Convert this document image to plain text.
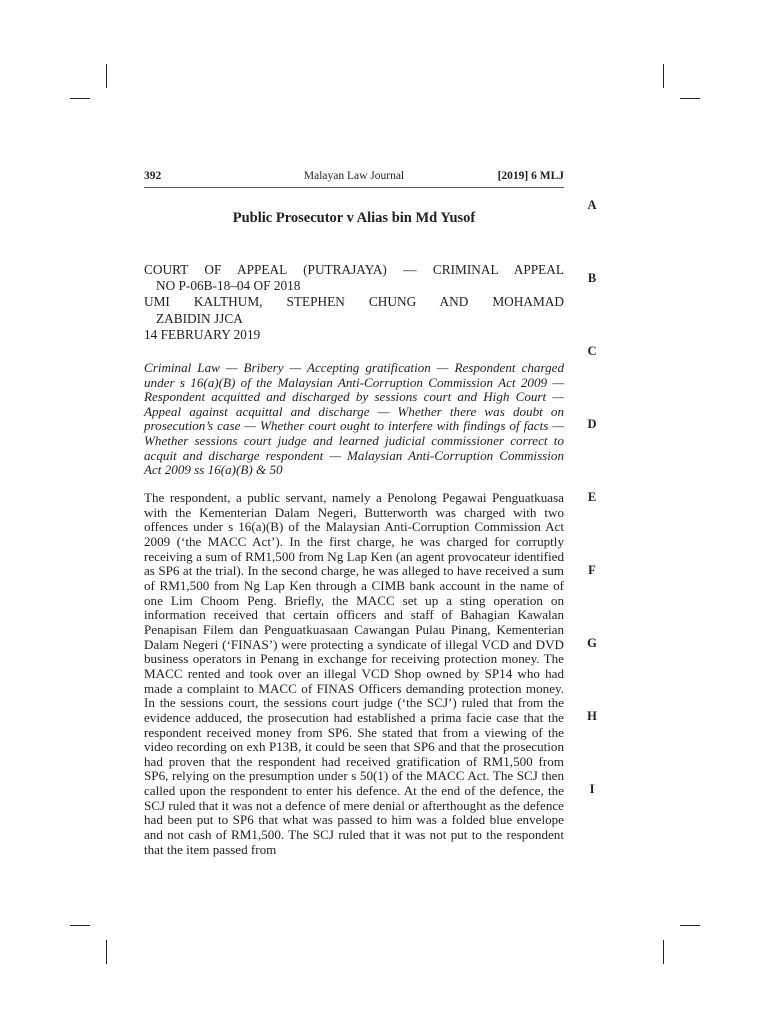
392	Malayan Law Journal	[2019] 6 MLJ
Public Prosecutor v Alias bin Md Yusof

COURT OF APPEAL (PUTRAJAYA) — CRIMINAL APPEAL

NO P-06B-18–04 OF 2018

UMI KALTHUM, STEPHEN CHUNG AND MOHAMAD

ZABIDIN JJCA

14 FEBRUARY 2019

Criminal Law — Bribery — Accepting gratification — Respondent charged under s 16(a)(B) of the Malaysian Anti-Corruption Commission Act 2009 — Respondent acquitted and discharged by sessions court and High Court — Appeal against acquittal and discharge — Whether there was doubt on prosecution’s case — Whether court ought to interfere with findings of facts — Whether sessions court judge and learned judicial commissioner correct to acquit and discharge respondent — Malaysian Anti-Corruption Commission Act 2009 ss 16(a)(B) & 50

The respondent, a public servant, namely a Penolong Pegawai Penguatkuasa with the Kementerian Dalam Negeri, Butterworth was charged with two offences under s 16(a)(B) of the Malaysian Anti-Corruption Commission Act 2009 (‘the MACC Act’). In the first charge, he was charged for corruptly receiving a sum of RM1,500 from Ng Lap Ken (an agent provocateur identified as SP6 at the trial). In the second charge, he was alleged to have received a sum of RM1,500 from Ng Lap Ken through a CIMB bank account in the name of one Lim Choom Peng. Briefly, the MACC set up a sting operation on information received that certain officers and staff of Bahagian Kawalan Penapisan Filem dan Penguatkuasaan Cawangan Pulau Pinang, Kementerian Dalam Negeri (‘FINAS’) were protecting a syndicate of illegal VCD and DVD business operators in Penang in exchange for receiving protection money. The MACC rented and took over an illegal VCD Shop owned by SP14 who had made a complaint to MACC of FINAS Officers demanding protection money. In the sessions court, the sessions court judge (‘the SCJ’) ruled that from the evidence adduced, the prosecution had established a prima facie case that the respondent received money from SP6. She stated that from a viewing of the video recording on exh P13B, it could be seen that SP6 and that the prosecution had proven that the respondent had received gratification of RM1,500 from SP6, relying on the presumption under s 50(1) of the MACC Act. The SCJ then called upon the respondent to enter his defence. At the end of the defence, the SCJ ruled that it was not a defence of mere denial or afterthought as the defence had been put to SP6 that what was passed to him was a folded blue envelope and not cash of RM1,500. The SCJ ruled that it was not put to the respondent that the item passed from

A
B
C
D
E
F
G
H
I
